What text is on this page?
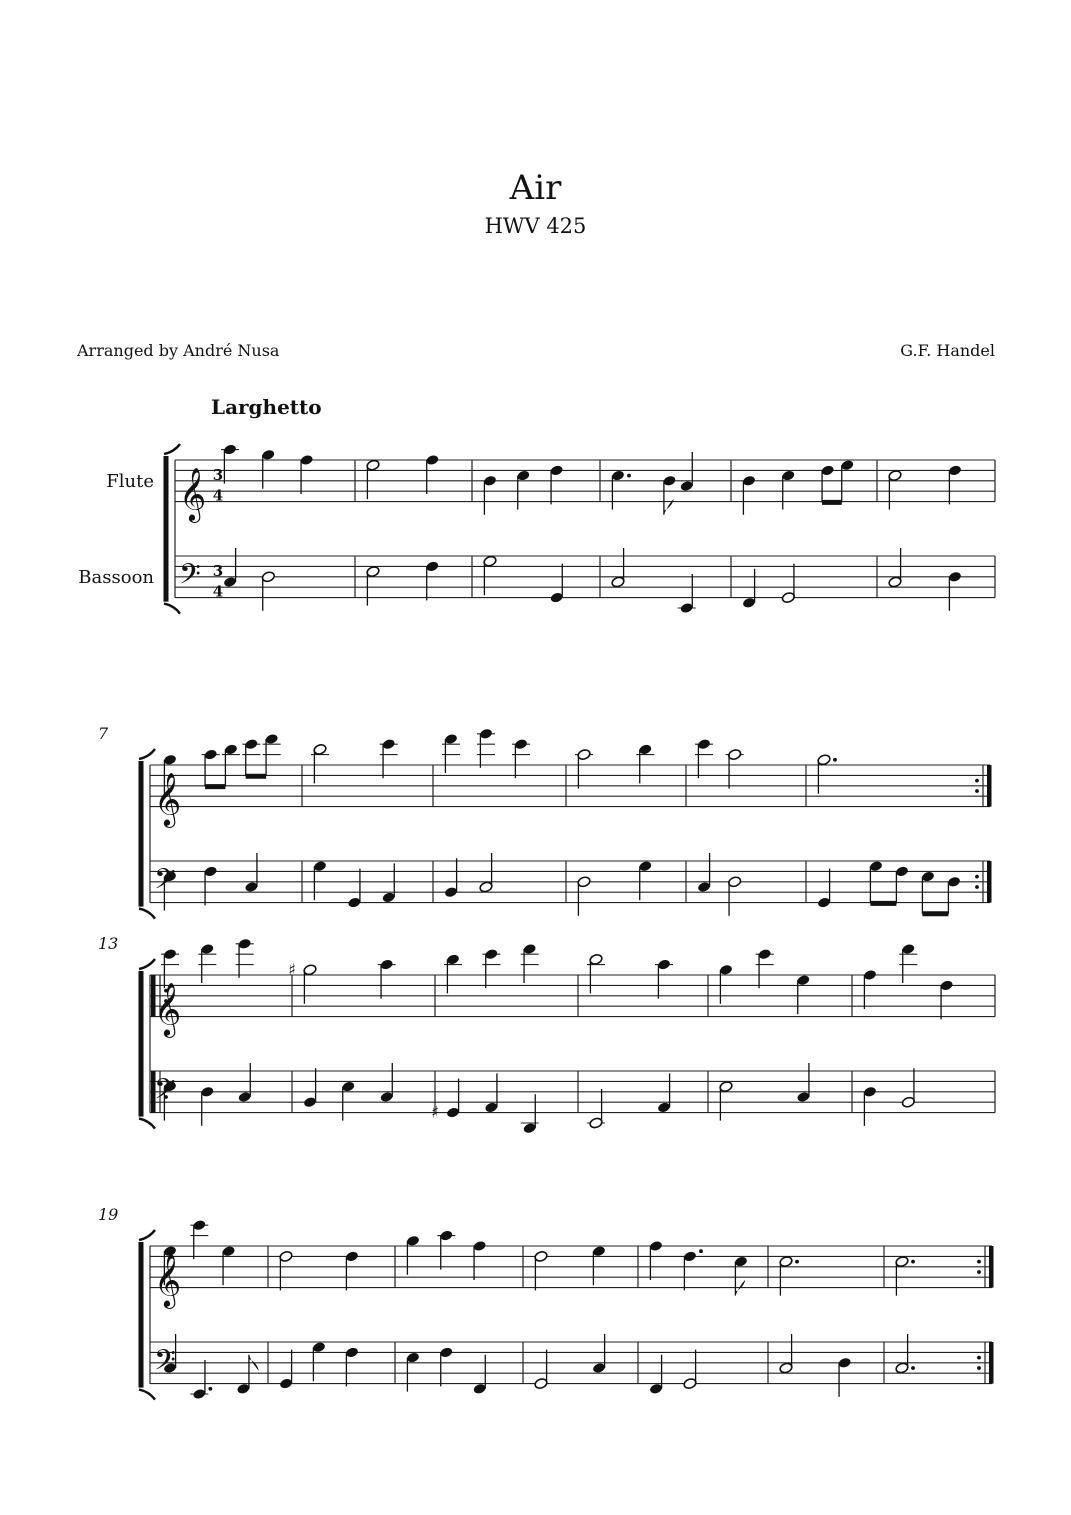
Air
HWV 425
Arranged by André Nusa	G.F. Handel
Larghetto
𝄞
𝄢
3
4
3
4
Flute
Bassoon
𝄞
𝄢
7
𝄞
𝄢
13
♯
♯
𝄞
𝄢
19
